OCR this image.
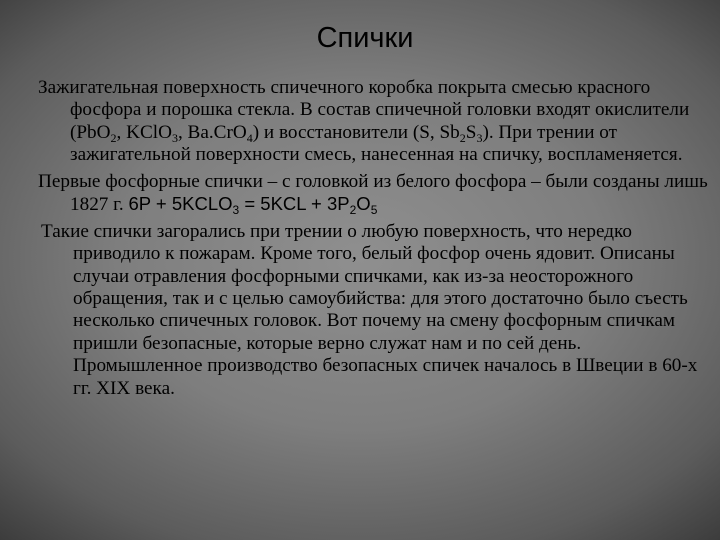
Спички

Зажигательная поверхность спичечного коробка покрыта смесью красного фосфора и порошка стекла. В состав спичечной головки входят окислители (PbO$_2$, KClO$_3$, Ba.CrO$_4$) и восстановители (S, $Sb_2S_3$). При трении от зажигательной поверхности смесь, нанесенная на спичку, воспламеняется.

Первые фосфорные спички – с головкой из белого фосфора – были созданы лишь 1827 г. $6P + 5KCLO_3 = 5KCL + 3P_2O_5$

Такие спички загорались при трении о любую поверхность, что нередко приводило к пожарам. Кроме того, белый фосфор очень ядовит. Описаны случаи отравления фосфорными спичками, как из-за неосторожного обращения, так и с целью самоубийства: для этого достаточно было съесть несколько спичечных головок. Вот почему на смену фосфорным спичкам пришли безопасные, которые верно служат нам и по сей день. Промышленное производство безопасных спичек началось в Швеции в 60-х гг. XIX века.
